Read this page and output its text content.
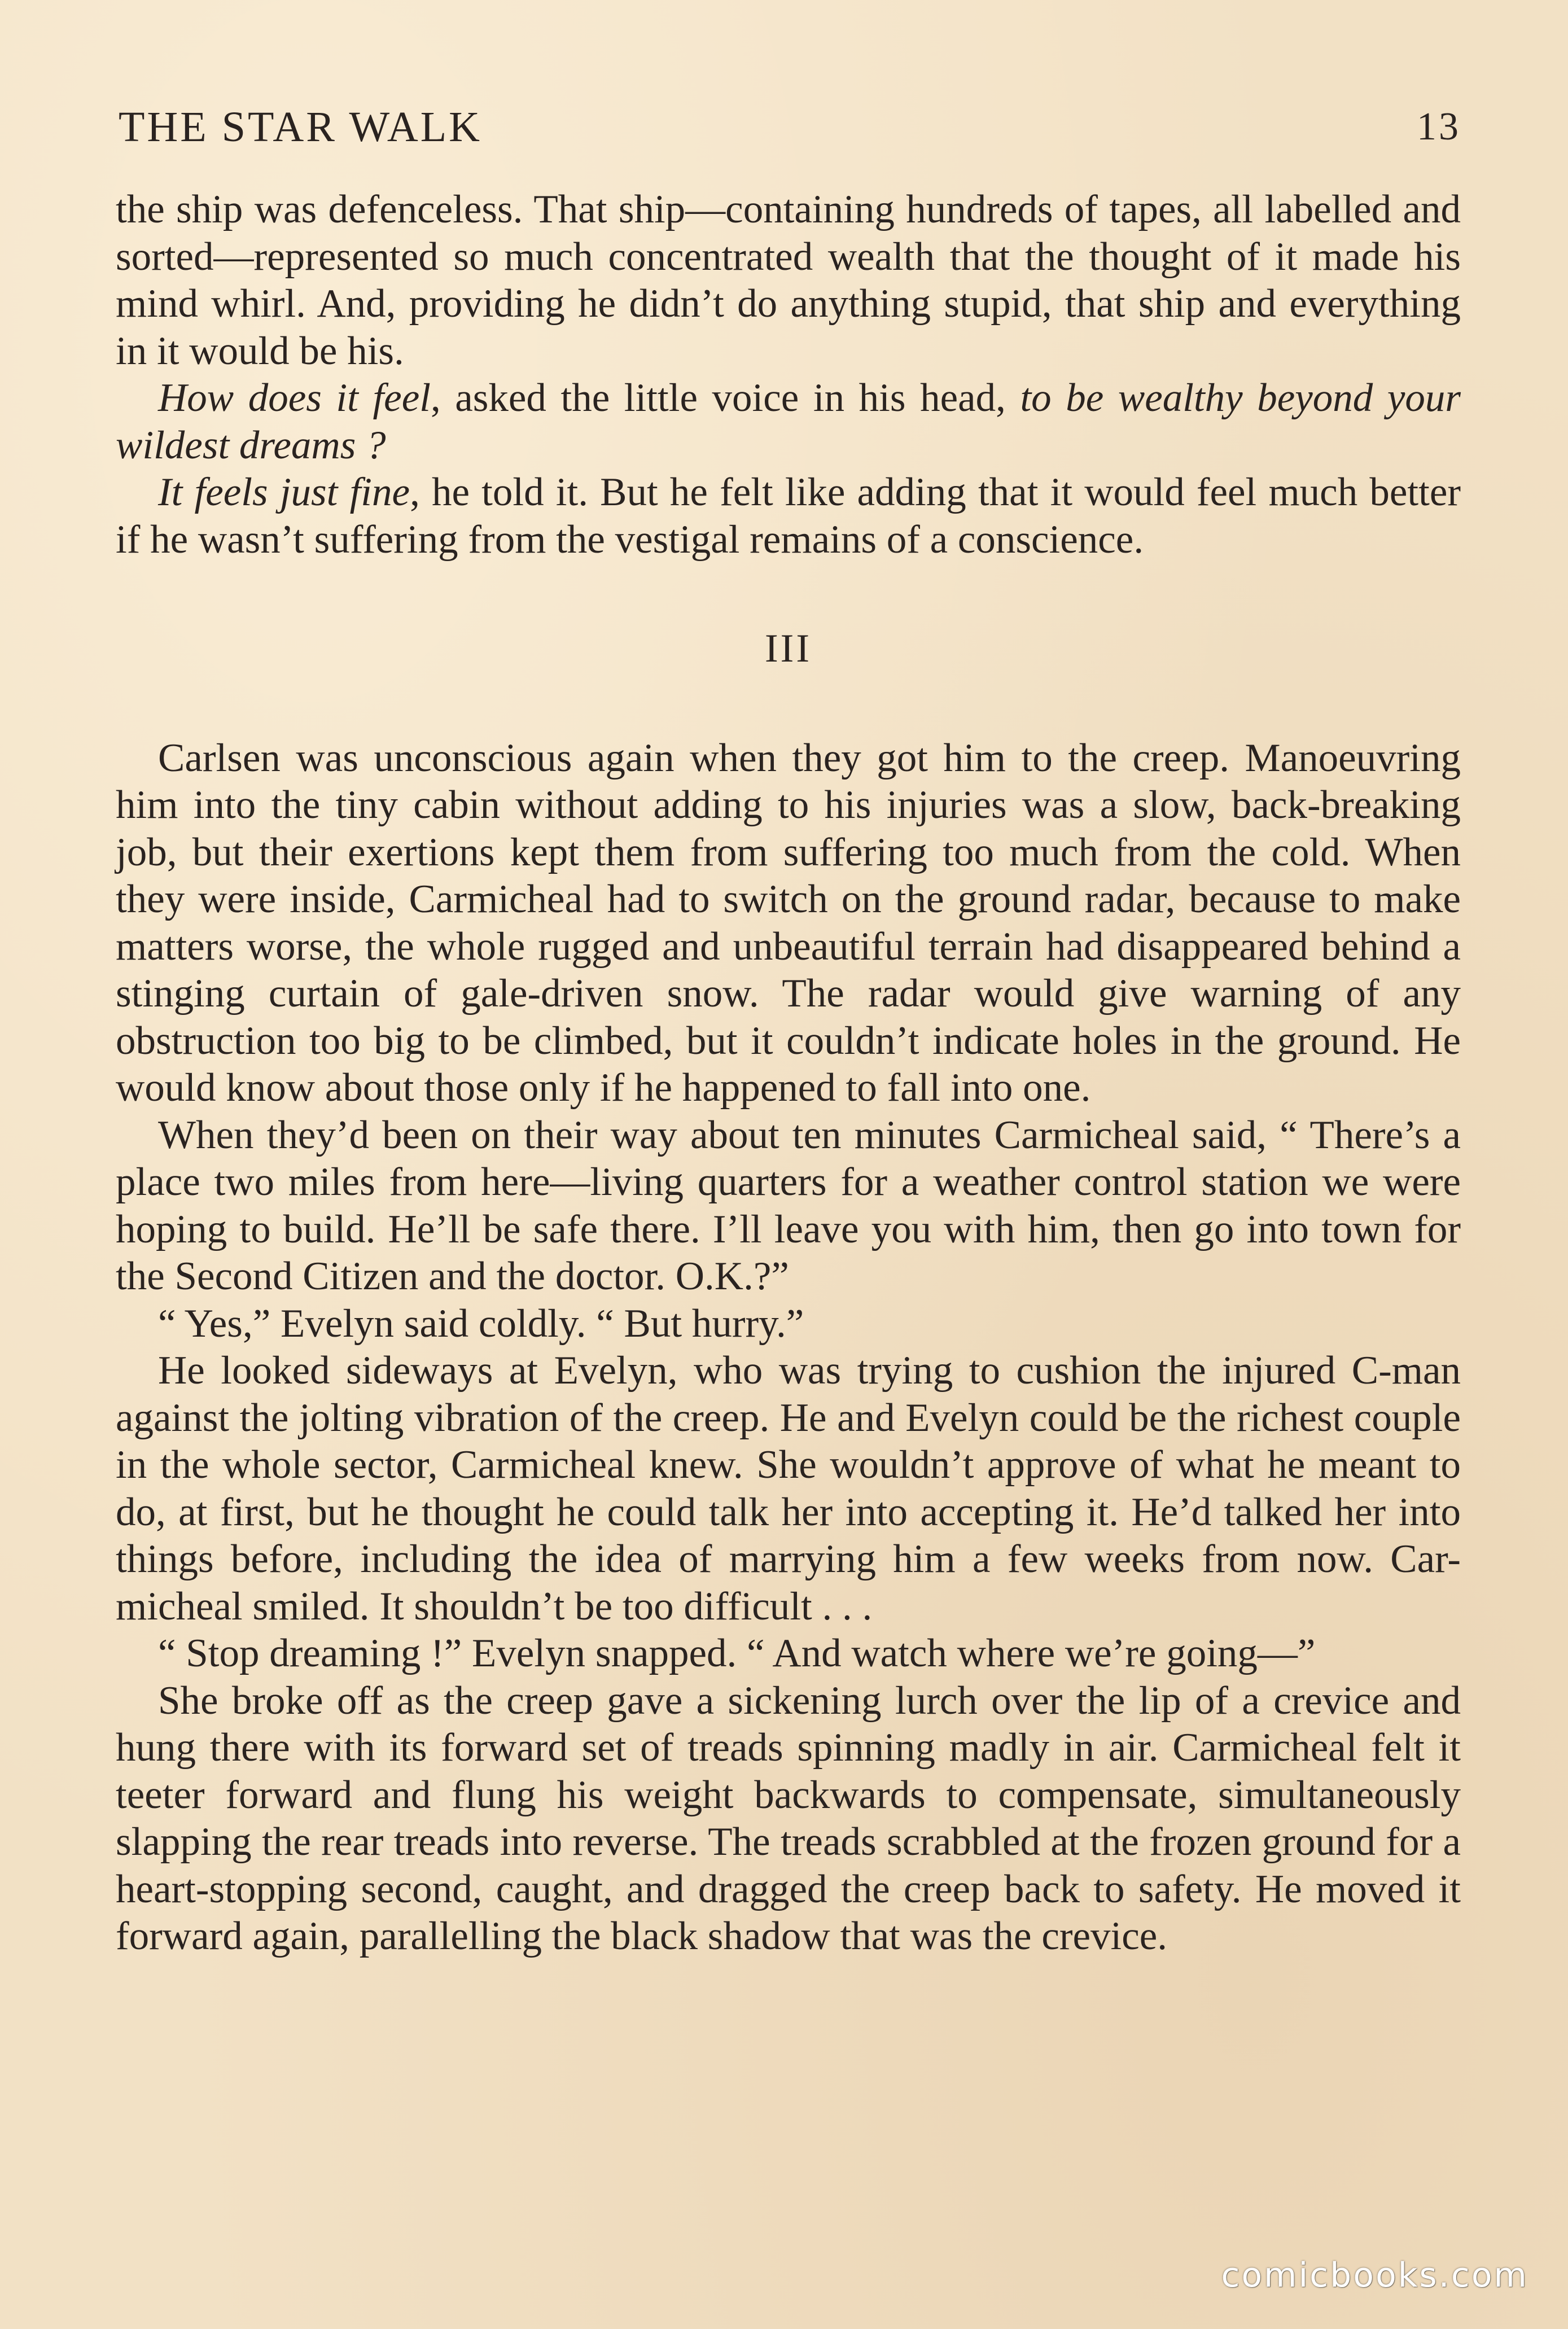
THE STAR WALK	13

the ship was defenceless. That ship—containing hundreds of tapes, all labelled and sorted—represented so much concentrated wealth that the thought of it made his mind whirl. And, providing he didn’t do anything stupid, that ship and everything in it would be his.

How does it feel, asked the little voice in his head, to be wealthy beyond your wildest dreams ?

It feels just fine, he told it. But he felt like adding that it would feel much better if he wasn’t suffering from the vestigal remains of a conscience.

III

Carlsen was unconscious again when they got him to the creep. Manoeuvring him into the tiny cabin without adding to his injuries was a slow, back-breaking job, but their exertions kept them from suffering too much from the cold. When they were inside, Carmicheal had to switch on the ground radar, because to make matters worse, the whole rugged and unbeautiful terrain had disappeared behind a stinging curtain of gale-driven snow. The radar would give warning of any obstruction too big to be climbed, but it couldn’t indicate holes in the ground. He would know about those only if he happened to fall into one.

When they’d been on their way about ten minutes Carmicheal said, “ There’s a place two miles from here—living quarters for a weather control station we were hoping to build. He’ll be safe there. I’ll leave you with him, then go into town for the Second Citizen and the doctor. O.K.?”

“ Yes,” Evelyn said coldly. “ But hurry.”

He looked sideways at Evelyn, who was trying to cushion the injured C-man against the jolting vibration of the creep. He and Evelyn could be the richest couple in the whole sector, Carmicheal knew. She wouldn’t approve of what he meant to do, at first, but he thought he could talk her into accepting it. He’d talked her into things before, including the idea of marrying him a few weeks from now. Car-micheal smiled. It shouldn’t be too difficult . . .

“ Stop dreaming !” Evelyn snapped. “ And watch where we’re going—”

She broke off as the creep gave a sickening lurch over the lip of a crevice and hung there with its forward set of treads spinning madly in air. Carmicheal felt it teeter forward and flung his weight backwards to compensate, simultaneously slapping the rear treads into reverse. The treads scrabbled at the frozen ground for a heart-stopping second, caught, and dragged the creep back to safety. He moved it forward again, parallelling the black shadow that was the crevice.

comicbooks.com
